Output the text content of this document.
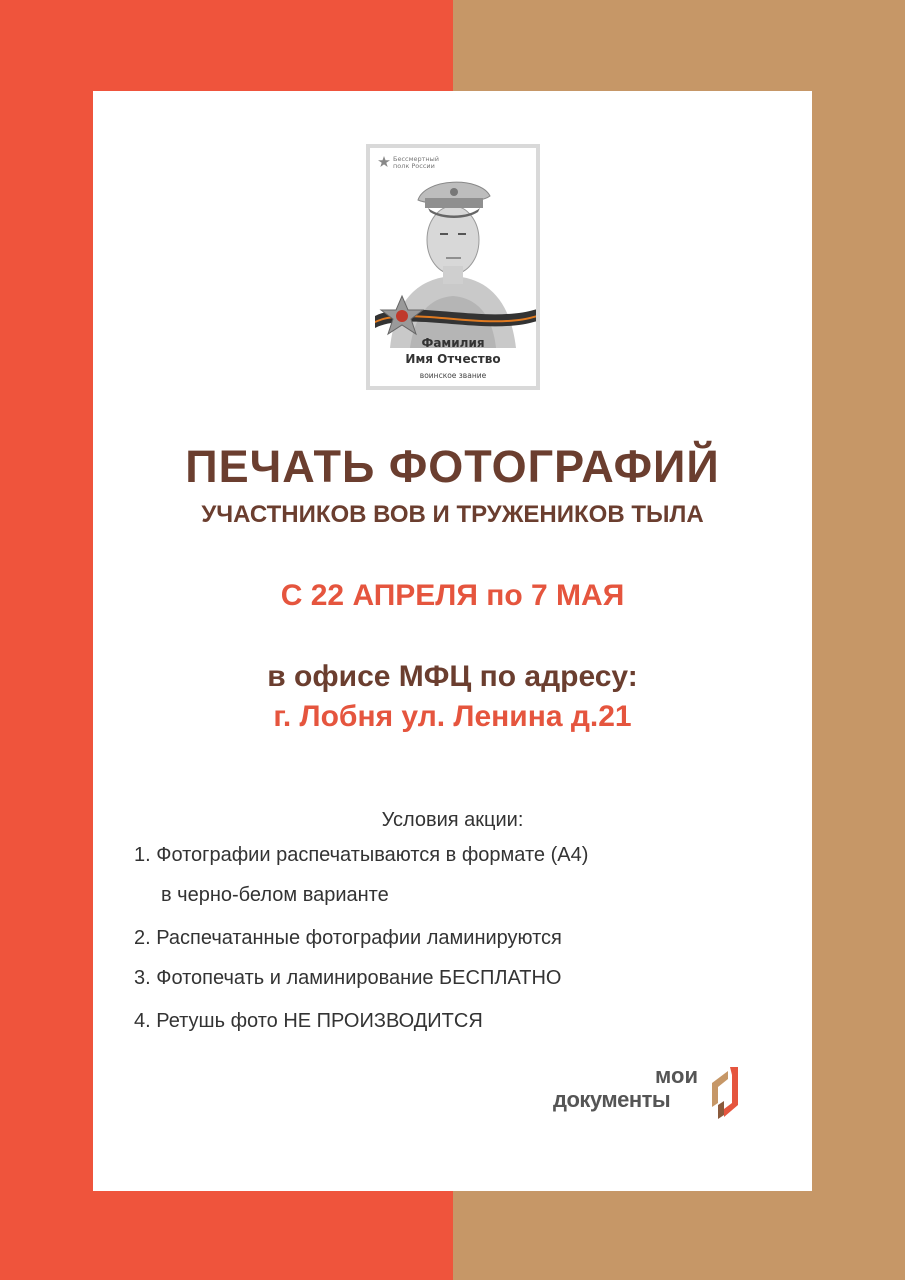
Бессмертный полк России
Фамилия
Имя Отчество
воинское звание
ПЕЧАТЬ ФОТОГРАФИЙ
УЧАСТНИКОВ ВОВ И ТРУЖЕНИКОВ ТЫЛА
С 22 АПРЕЛЯ по 7 МАЯ
в офисе МФЦ по адресу:
г. Лобня ул. Ленина д.21
Условия акции:
1. Фотографии распечатываются в формате (А4)
в черно-белом варианте
2. Распечатанные фотографии ламинируются
3. Фотопечать и ламинирование БЕСПЛАТНО
4. Ретушь фото НЕ ПРОИЗВОДИТСЯ
мои
документы
